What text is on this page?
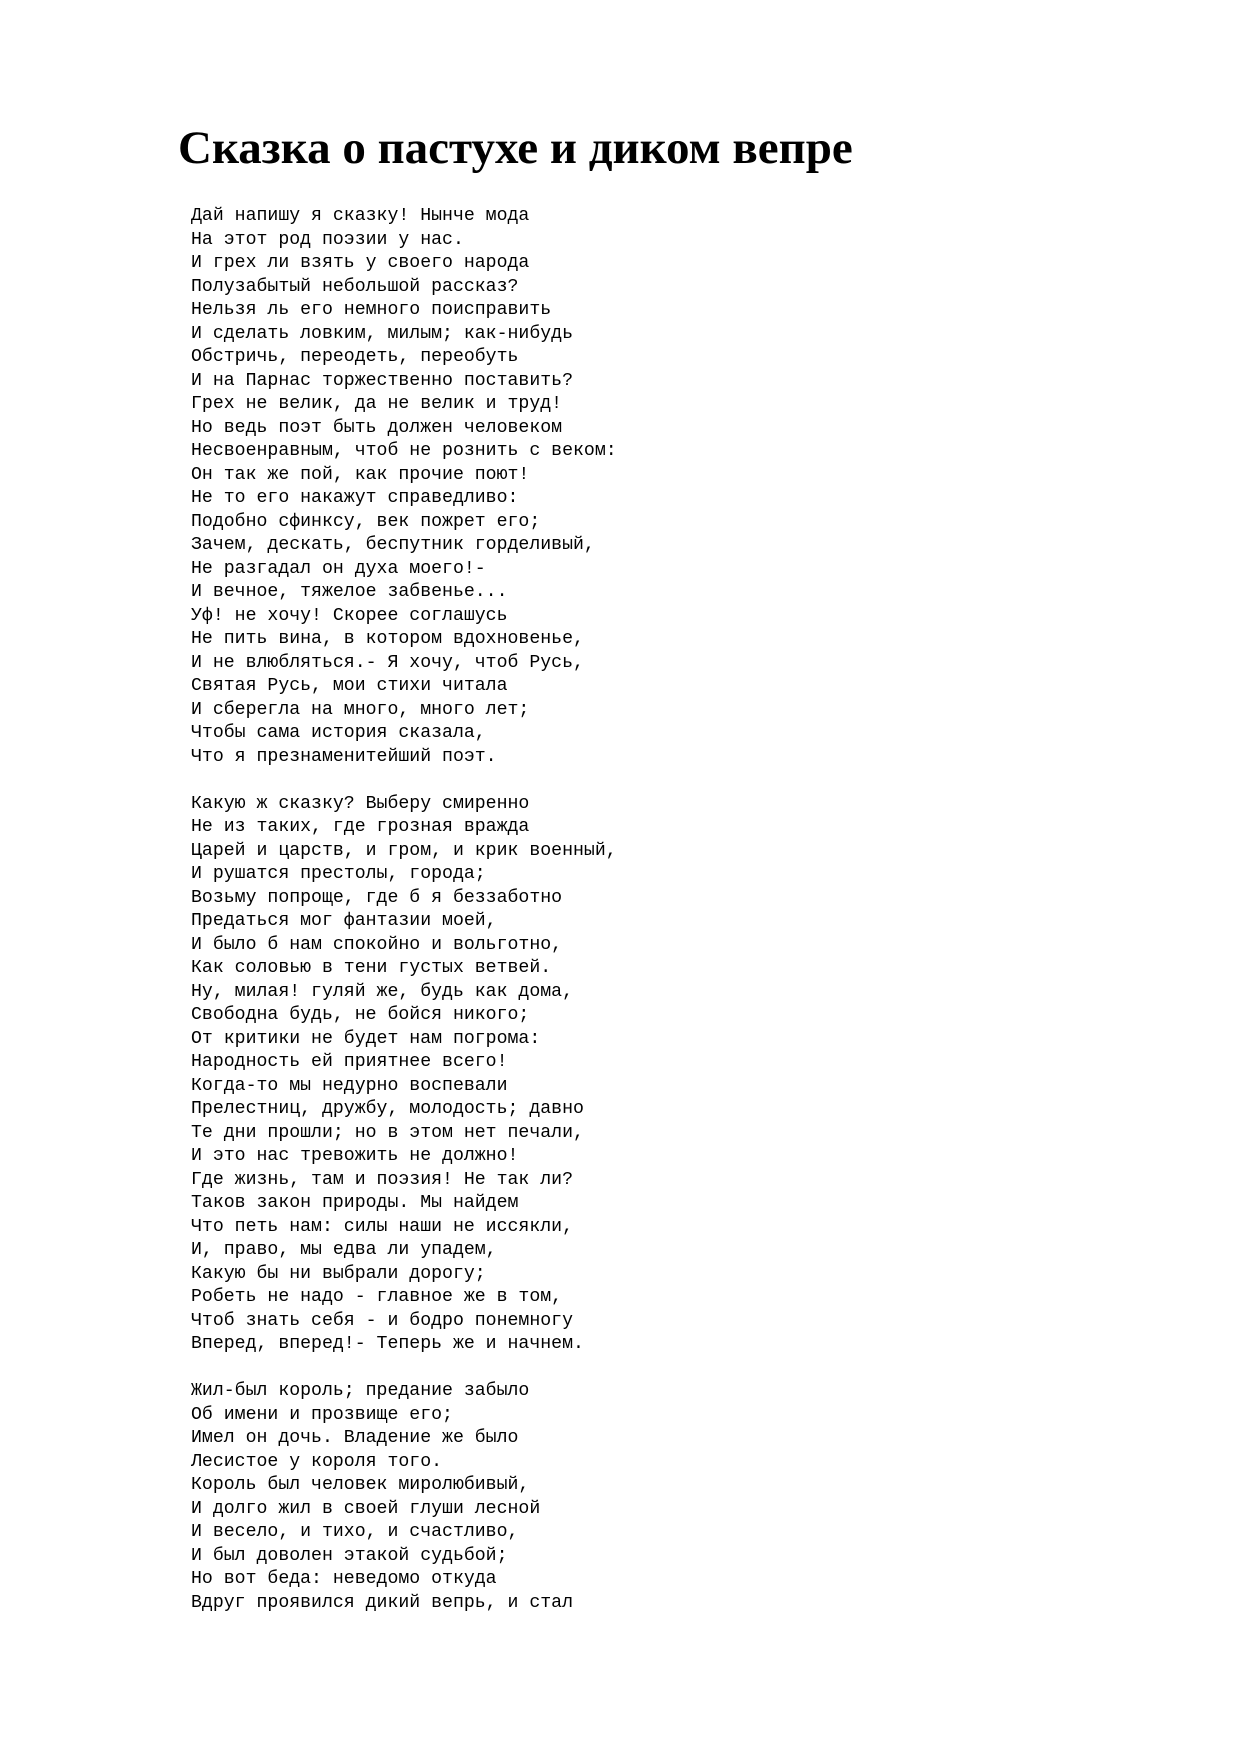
Сказка о пастухе и диком вепре
Дай напишу я сказку! Нынче мода
На этот род поэзии у нас.
И грех ли взять у своего народа
Полузабытый небольшой рассказ?
Нельзя ль его немного поисправить
И сделать ловким, милым; как-нибудь
Обстричь, переодеть, переобуть
И на Парнас торжественно поставить?
Грех не велик, да не велик и труд!
Но ведь поэт быть должен человеком
Несвоенравным, чтоб не рознить с веком:
Он так же пой, как прочие поют!
Не то его накажут справедливо:
Подобно сфинксу, век пожрет его;
Зачем, дескать, беспутник горделивый,
Не разгадал он духа моего!-
И вечное, тяжелое забвенье...
Уф! не хочу! Скорее соглашусь
Не пить вина, в котором вдохновенье,
И не влюбляться.- Я хочу, чтоб Русь,
Святая Русь, мои стихи читала
И сберегла на много, много лет;
Чтобы сама история сказала,
Что я презнаменитейший поэт.
Какую ж сказку? Выберу смиренно
Не из таких, где грозная вражда
Царей и царств, и гром, и крик военный,
И рушатся престолы, города;
Возьму попроще, где б я беззаботно
Предаться мог фантазии моей,
И было б нам спокойно и вольготно,
Как соловью в тени густых ветвей.
Ну, милая! гуляй же, будь как дома,
Свободна будь, не бойся никого;
От критики не будет нам погрома:
Народность ей приятнее всего!
Когда-то мы недурно воспевали
Прелестниц, дружбу, молодость; давно
Те дни прошли; но в этом нет печали,
И это нас тревожить не должно!
Где жизнь, там и поэзия! Не так ли?
Таков закон природы. Мы найдем
Что петь нам: силы наши не иссякли,
И, право, мы едва ли упадем,
Какую бы ни выбрали дорогу;
Робеть не надо - главное же в том,
Чтоб знать себя - и бодро понемногу
Вперед, вперед!- Теперь же и начнем.
Жил-был король; предание забыло
Об имени и прозвище его;
Имел он дочь. Владение же было
Лесистое у короля того.
Король был человек миролюбивый,
И долго жил в своей глуши лесной
И весело, и тихо, и счастливо,
И был доволен этакой судьбой;
Но вот беда: неведомо откуда
Вдруг проявился дикий вепрь, и стал
